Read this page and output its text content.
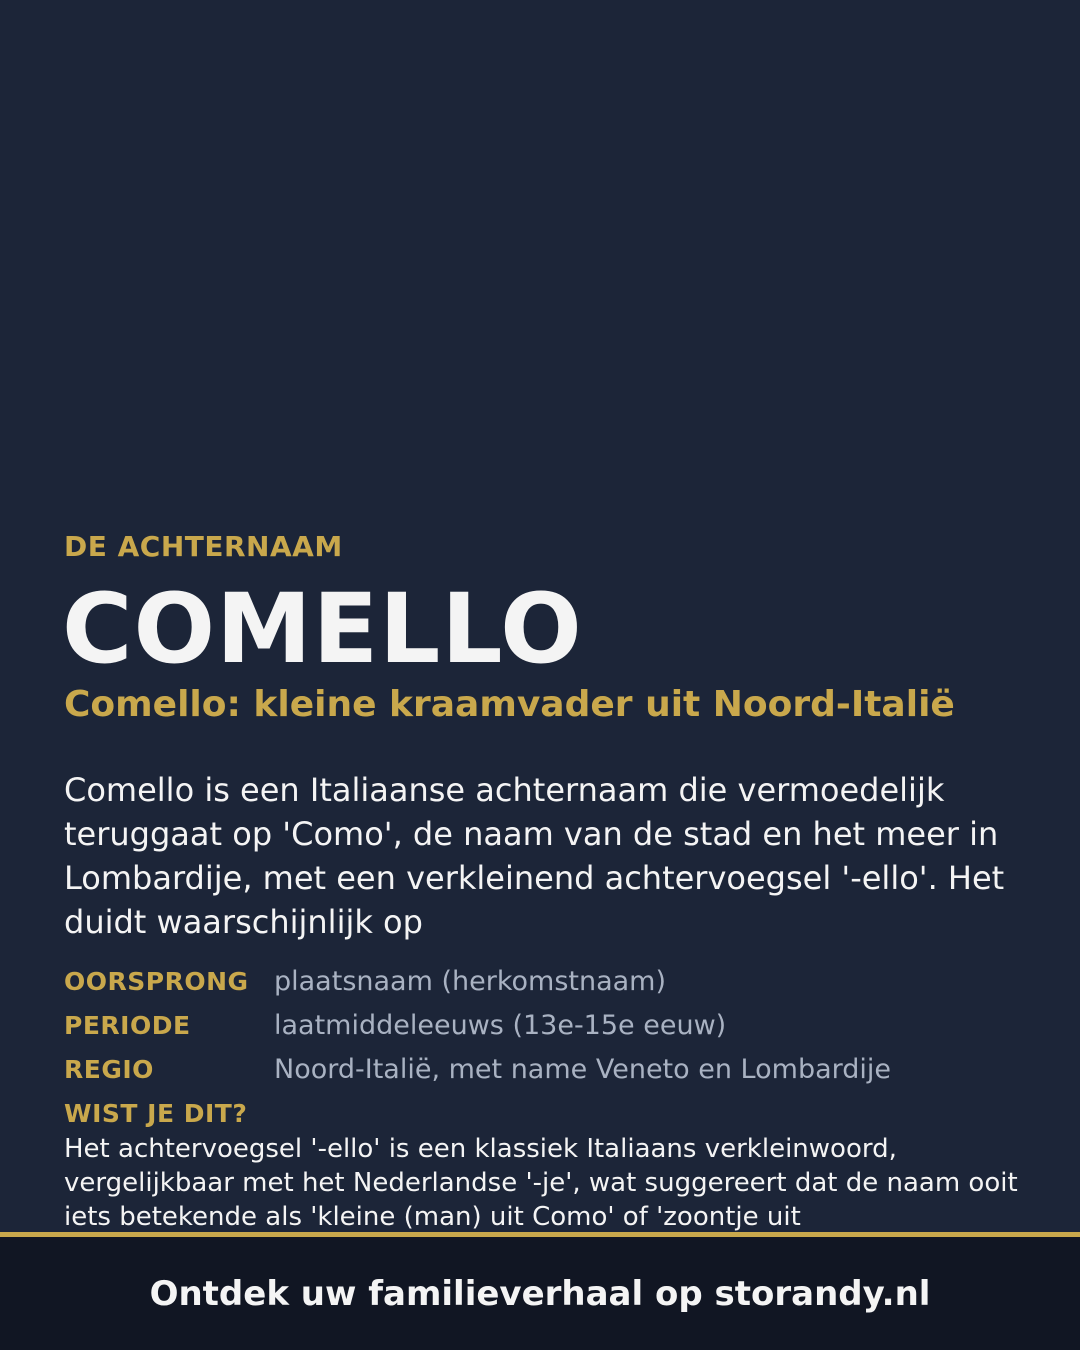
DE ACHTERNAAM
COMELLO
Comello: kleine kraamvader uit Noord-Italië

Comello is een Italiaanse achternaam die vermoedelijk teruggaat op 'Como', de naam van de stad en het meer in Lombardije, met een verkleinend achtervoegsel '-ello'. Het duidt waarschijnlijk op

OORSPRONG plaatsnaam (herkomstnaam)
PERIODE	laatmiddeleeuws (13e-15e eeuw)
REGIO	Noord-Italië, met name Veneto en Lombardije
WIST JE DIT?

Het achtervoegsel '-ello' is een klassiek Italiaans verkleinwoord, vergelijkbaar met het Nederlandse '-je', wat suggereert dat de naam ooit iets betekende als 'kleine (man) uit Como' of 'zoontje uit

Ontdek uw familieverhaal op storandy.nl
